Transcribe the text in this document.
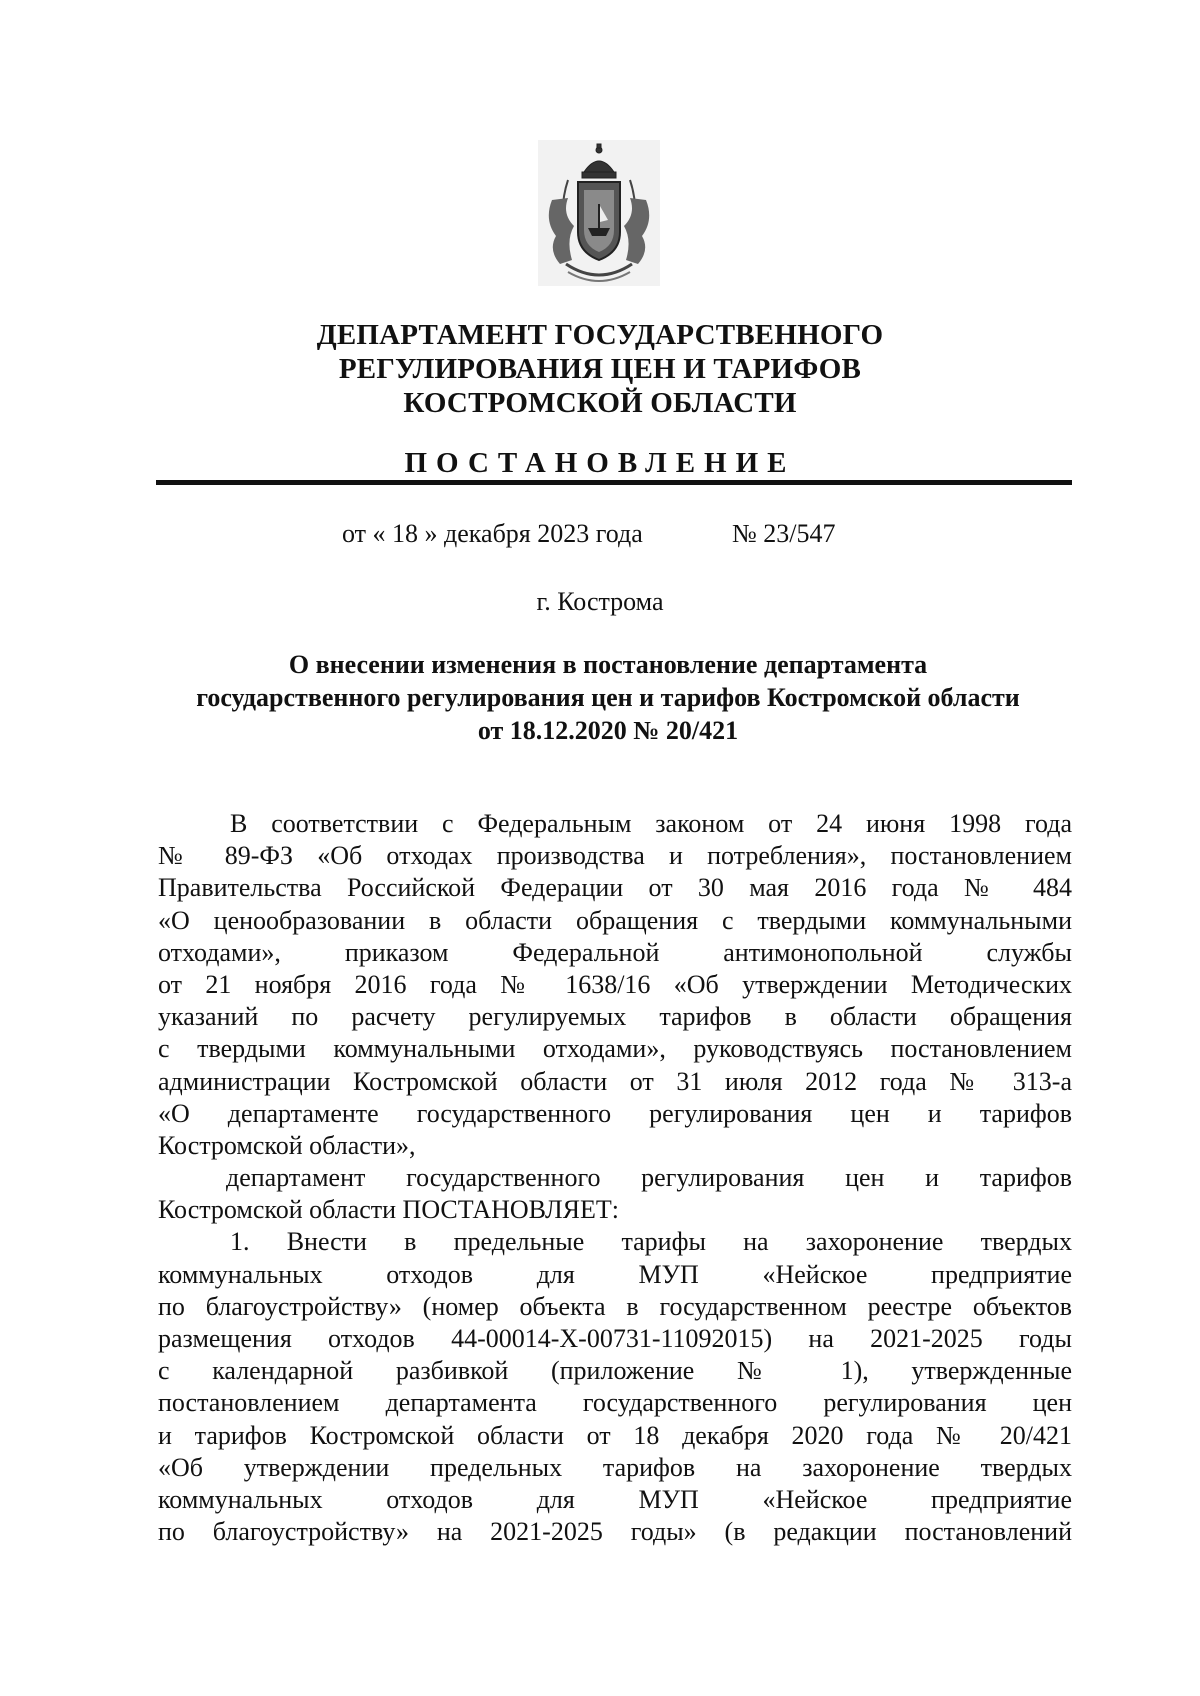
ДЕПАРТАМЕНТ ГОСУДАРСТВЕННОГО
РЕГУЛИРОВАНИЯ ЦЕН И ТАРИФОВ
КОСТРОМСКОЙ ОБЛАСТИ
ПОСТАНОВЛЕНИЕ
от « 18 » декабря 2023 года	№ 23/547
г. Кострома
О внесении изменения в постановление департамента
государственного регулирования цен и тарифов Костромской области
от 18.12.2020 № 20/421
В соответствии с Федеральным законом от 24 июня 1998 года
№ 89-ФЗ «Об отходах производства и потребления», постановлением
Правительства Российской Федерации от 30 мая 2016 года № 484
«О ценообразовании в области обращения с твердыми коммунальными
отходами», приказом Федеральной антимонопольной службы
от 21 ноября 2016 года № 1638/16 «Об утверждении Методических
указаний по расчету регулируемых тарифов в области обращения
с твердыми коммунальными отходами», руководствуясь постановлением
администрации Костромской области от 31 июля 2012 года № 313-а
«О департаменте государственного регулирования цен и тарифов
Костромской области»,
департамент государственного регулирования цен и тарифов
Костромской области ПОСТАНОВЛЯЕТ:
1. Внести в предельные тарифы на захоронение твердых
коммунальных отходов для МУП «Нейское предприятие
по благоустройству» (номер объекта в государственном реестре объектов
размещения отходов 44-00014-Х-00731-11092015) на 2021-2025 годы
с календарной разбивкой (приложение № 1), утвержденные
постановлением департамента государственного регулирования цен
и тарифов Костромской области от 18 декабря 2020 года № 20/421
«Об утверждении предельных тарифов на захоронение твердых
коммунальных отходов для МУП «Нейское предприятие
по благоустройству» на 2021-2025 годы» (в редакции постановлений
